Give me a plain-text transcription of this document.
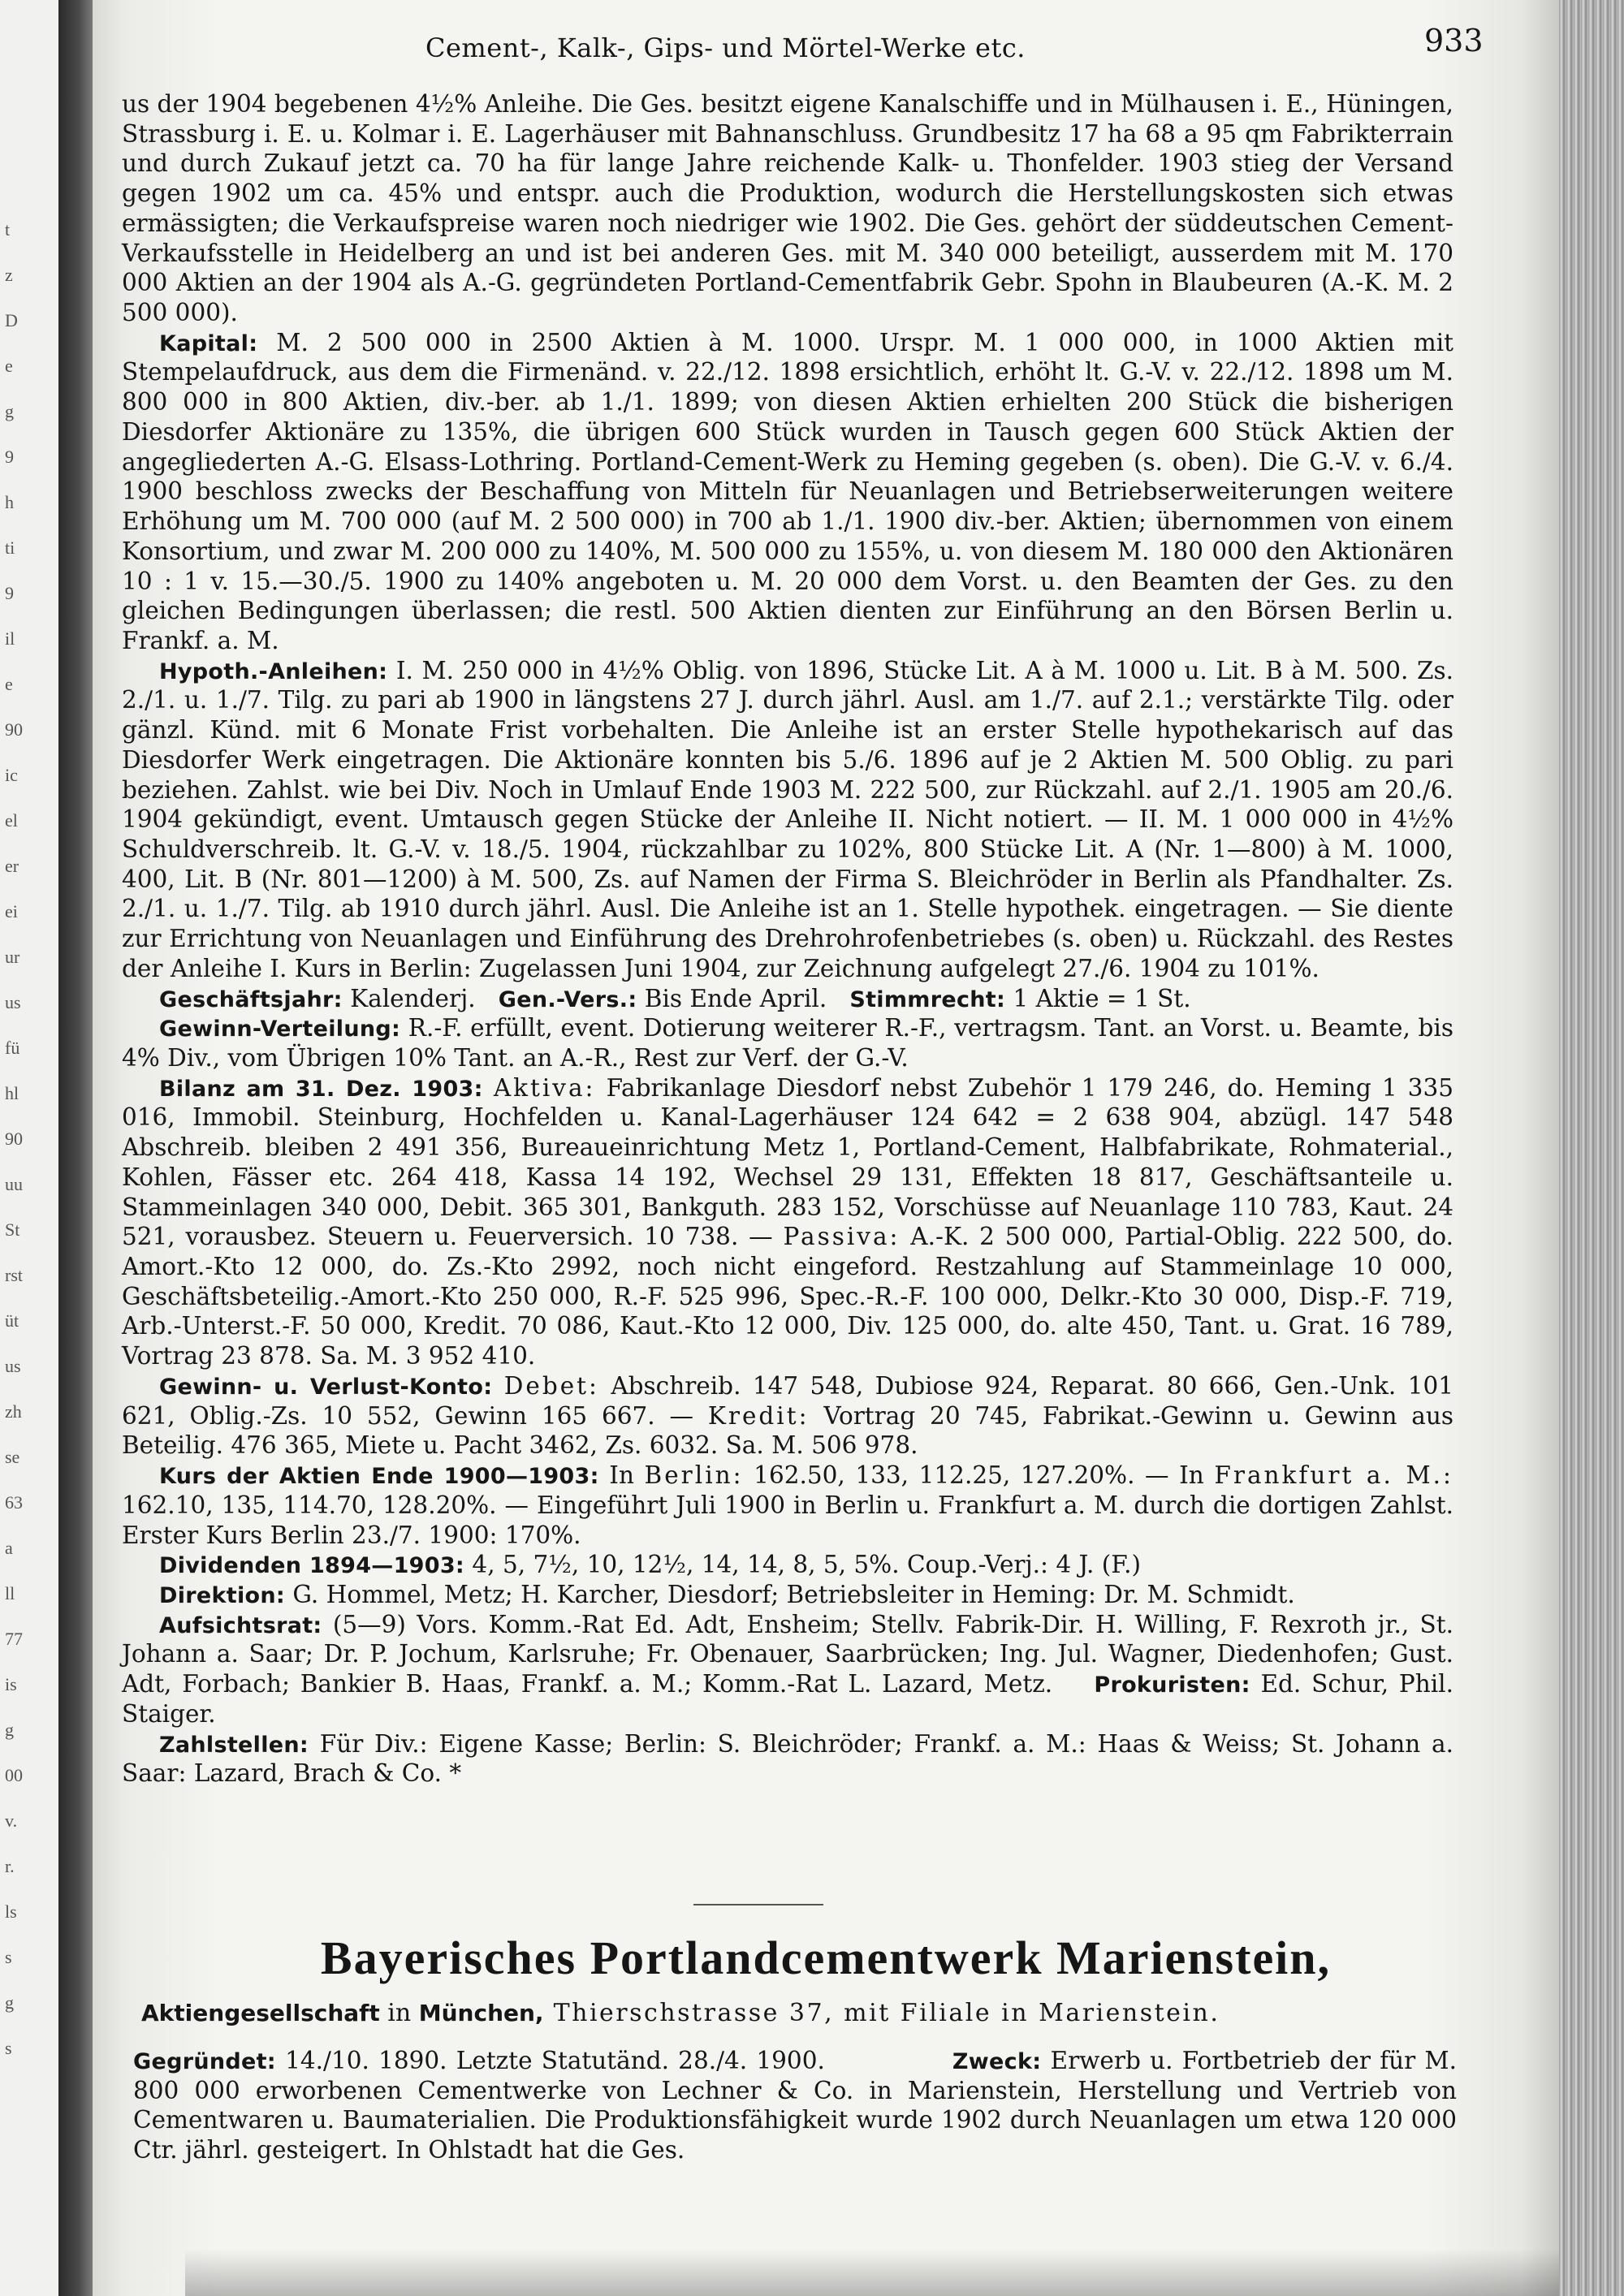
t
z
D
e
g
9
h
ti
9
il
e
90
ic
el
er
ei
ur
us
fü
hl
90
uu
St
rst
üt
us
zh
se
63
a
ll
77
is
g
00
v.
r.
ls
s
g
s
Cement-, Kalk-, Gips- und Mörtel-Werke etc.	933

us der 1904 begebenen 4½% Anleihe. Die Ges. besitzt eigene Kanalschiffe und in Mülhausen i. E., Hüningen, Strassburg i. E. u. Kolmar i. E. Lagerhäuser mit Bahnanschluss. Grundbesitz 17 ha 68 a 95 qm Fabrikterrain und durch Zukauf jetzt ca. 70 ha für lange Jahre reichende Kalk- u. Thonfelder. 1903 stieg der Versand gegen 1902 um ca. 45% und entspr. auch die Produktion, wodurch die Herstellungskosten sich etwas ermässigten; die Verkaufspreise waren noch niedriger wie 1902. Die Ges. gehört der süddeutschen Cement-Verkaufsstelle in Heidelberg an und ist bei anderen Ges. mit M. 340 000 beteiligt, ausserdem mit M. 170 000 Aktien an der 1904 als A.-G. gegründeten Portland-Cementfabrik Gebr. Spohn in Blaubeuren (A.-K. M. 2 500 000).

Kapital: M. 2 500 000 in 2500 Aktien à M. 1000. Urspr. M. 1 000 000, in 1000 Aktien mit Stempelaufdruck, aus dem die Firmenänd. v. 22./12. 1898 ersichtlich, erhöht lt. G.-V. v. 22./12. 1898 um M. 800 000 in 800 Aktien, div.-ber. ab 1./1. 1899; von diesen Aktien erhielten 200 Stück die bisherigen Diesdorfer Aktionäre zu 135%, die übrigen 600 Stück wurden in Tausch gegen 600 Stück Aktien der angegliederten A.-G. Elsass-Lothring. Portland-Cement-Werk zu Heming gegeben (s. oben). Die G.-V. v. 6./4. 1900 beschloss zwecks der Beschaffung von Mitteln für Neuanlagen und Betriebserweiterungen weitere Erhöhung um M. 700 000 (auf M. 2 500 000) in 700 ab 1./1. 1900 div.-ber. Aktien; übernommen von einem Konsortium, und zwar M. 200 000 zu 140%, M. 500 000 zu 155%, u. von diesem M. 180 000 den Aktionären 10 : 1 v. 15.—30./5. 1900 zu 140% angeboten u. M. 20 000 dem Vorst. u. den Beamten der Ges. zu den gleichen Bedingungen überlassen; die restl. 500 Aktien dienten zur Einführung an den Börsen Berlin u. Frankf. a. M.

Hypoth.-Anleihen: I. M. 250 000 in 4½% Oblig. von 1896, Stücke Lit. A à M. 1000 u. Lit. B à M. 500. Zs. 2./1. u. 1./7. Tilg. zu pari ab 1900 in längstens 27 J. durch jährl. Ausl. am 1./7. auf 2.1.; verstärkte Tilg. oder gänzl. Künd. mit 6 Monate Frist vorbehalten. Die Anleihe ist an erster Stelle hypothekarisch auf das Diesdorfer Werk eingetragen. Die Aktionäre konnten bis 5./6. 1896 auf je 2 Aktien M. 500 Oblig. zu pari beziehen. Zahlst. wie bei Div. Noch in Umlauf Ende 1903 M. 222 500, zur Rückzahl. auf 2./1. 1905 am 20./6. 1904 gekündigt, event. Umtausch gegen Stücke der Anleihe II. Nicht notiert. — II. M. 1 000 000 in 4½% Schuldverschreib. lt. G.-V. v. 18./5. 1904, rückzahlbar zu 102%, 800 Stücke Lit. A (Nr. 1—800) à M. 1000, 400, Lit. B (Nr. 801—1200) à M. 500, Zs. auf Namen der Firma S. Bleichröder in Berlin als Pfandhalter. Zs. 2./1. u. 1./7. Tilg. ab 1910 durch jährl. Ausl. Die Anleihe ist an 1. Stelle hypothek. eingetragen. — Sie diente zur Errichtung von Neuanlagen und Einführung des Drehrohrofenbetriebes (s. oben) u. Rückzahl. des Restes der Anleihe I. Kurs in Berlin: Zugelassen Juni 1904, zur Zeichnung aufgelegt 27./6. 1904 zu 101%.

Geschäftsjahr: Kalenderj. Gen.-Vers.: Bis Ende April. Stimmrecht: 1 Aktie = 1 St.

Gewinn-Verteilung: R.-F. erfüllt, event. Dotierung weiterer R.-F., vertragsm. Tant. an Vorst. u. Beamte, bis 4% Div., vom Übrigen 10% Tant. an A.-R., Rest zur Verf. der G.-V.

Bilanz am 31. Dez. 1903: Aktiva: Fabrikanlage Diesdorf nebst Zubehör 1 179 246, do. Heming 1 335 016, Immobil. Steinburg, Hochfelden u. Kanal-Lagerhäuser 124 642 = 2 638 904, abzügl. 147 548 Abschreib. bleiben 2 491 356, Bureaueinrichtung Metz 1, Portland-Cement, Halbfabrikate, Rohmaterial., Kohlen, Fässer etc. 264 418, Kassa 14 192, Wechsel 29 131, Effekten 18 817, Geschäftsanteile u. Stammeinlagen 340 000, Debit. 365 301, Bankguth. 283 152, Vorschüsse auf Neuanlage 110 783, Kaut. 24 521, vorausbez. Steuern u. Feuerversich. 10 738. — Passiva: A.-K. 2 500 000, Partial-Oblig. 222 500, do. Amort.-Kto 12 000, do. Zs.-Kto 2992, noch nicht eingeford. Restzahlung auf Stammeinlage 10 000, Geschäftsbeteilig.-Amort.-Kto 250 000, R.-F. 525 996, Spec.-R.-F. 100 000, Delkr.-Kto 30 000, Disp.-F. 719, Arb.-Unterst.-F. 50 000, Kredit. 70 086, Kaut.-Kto 12 000, Div. 125 000, do. alte 450, Tant. u. Grat. 16 789, Vortrag 23 878. Sa. M. 3 952 410.

Gewinn- u. Verlust-Konto: Debet: Abschreib. 147 548, Dubiose 924, Reparat. 80 666, Gen.-Unk. 101 621, Oblig.-Zs. 10 552, Gewinn 165 667. — Kredit: Vortrag 20 745, Fabrikat.-Gewinn u. Gewinn aus Beteilig. 476 365, Miete u. Pacht 3462, Zs. 6032. Sa. M. 506 978.

Kurs der Aktien Ende 1900—1903: In Berlin: 162.50, 133, 112.25, 127.20%. — In Frankfurt a. M.: 162.10, 135, 114.70, 128.20%. — Eingeführt Juli 1900 in Berlin u. Frankfurt a. M. durch die dortigen Zahlst. Erster Kurs Berlin 23./7. 1900: 170%.

Dividenden 1894—1903: 4, 5, 7½, 10, 12½, 14, 14, 8, 5, 5%. Coup.-Verj.: 4 J. (F.)

Direktion: G. Hommel, Metz; H. Karcher, Diesdorf; Betriebsleiter in Heming: Dr. M. Schmidt.

Aufsichtsrat: (5—9) Vors. Komm.-Rat Ed. Adt, Ensheim; Stellv. Fabrik-Dir. H. Willing, F. Rexroth jr., St. Johann a. Saar; Dr. P. Jochum, Karlsruhe; Fr. Obenauer, Saarbrücken; Ing. Jul. Wagner, Diedenhofen; Gust. Adt, Forbach; Bankier B. Haas, Frankf. a. M.; Komm.-Rat L. Lazard, Metz. Prokuristen: Ed. Schur, Phil. Staiger.

Zahlstellen: Für Div.: Eigene Kasse; Berlin: S. Bleichröder; Frankf. a. M.: Haas & Weiss; St. Johann a. Saar: Lazard, Brach & Co. *

Bayerisches Portlandcementwerk Marienstein,
Aktiengesellschaft in München, Thierschstrasse 37, mit Filiale in Marienstein.

Gegründet: 14./10. 1890. Letzte Statutänd. 28./4. 1900.	Zweck: Erwerb u. Fortbetrieb der für M. 800 000 erworbenen Cementwerke von Lechner & Co. in Marienstein, Herstellung und Vertrieb von Cementwaren u. Baumaterialien. Die Produktionsfähigkeit wurde 1902 durch Neuanlagen um etwa 120 000 Ctr. jährl. gesteigert. In Ohlstadt hat die Ges.
